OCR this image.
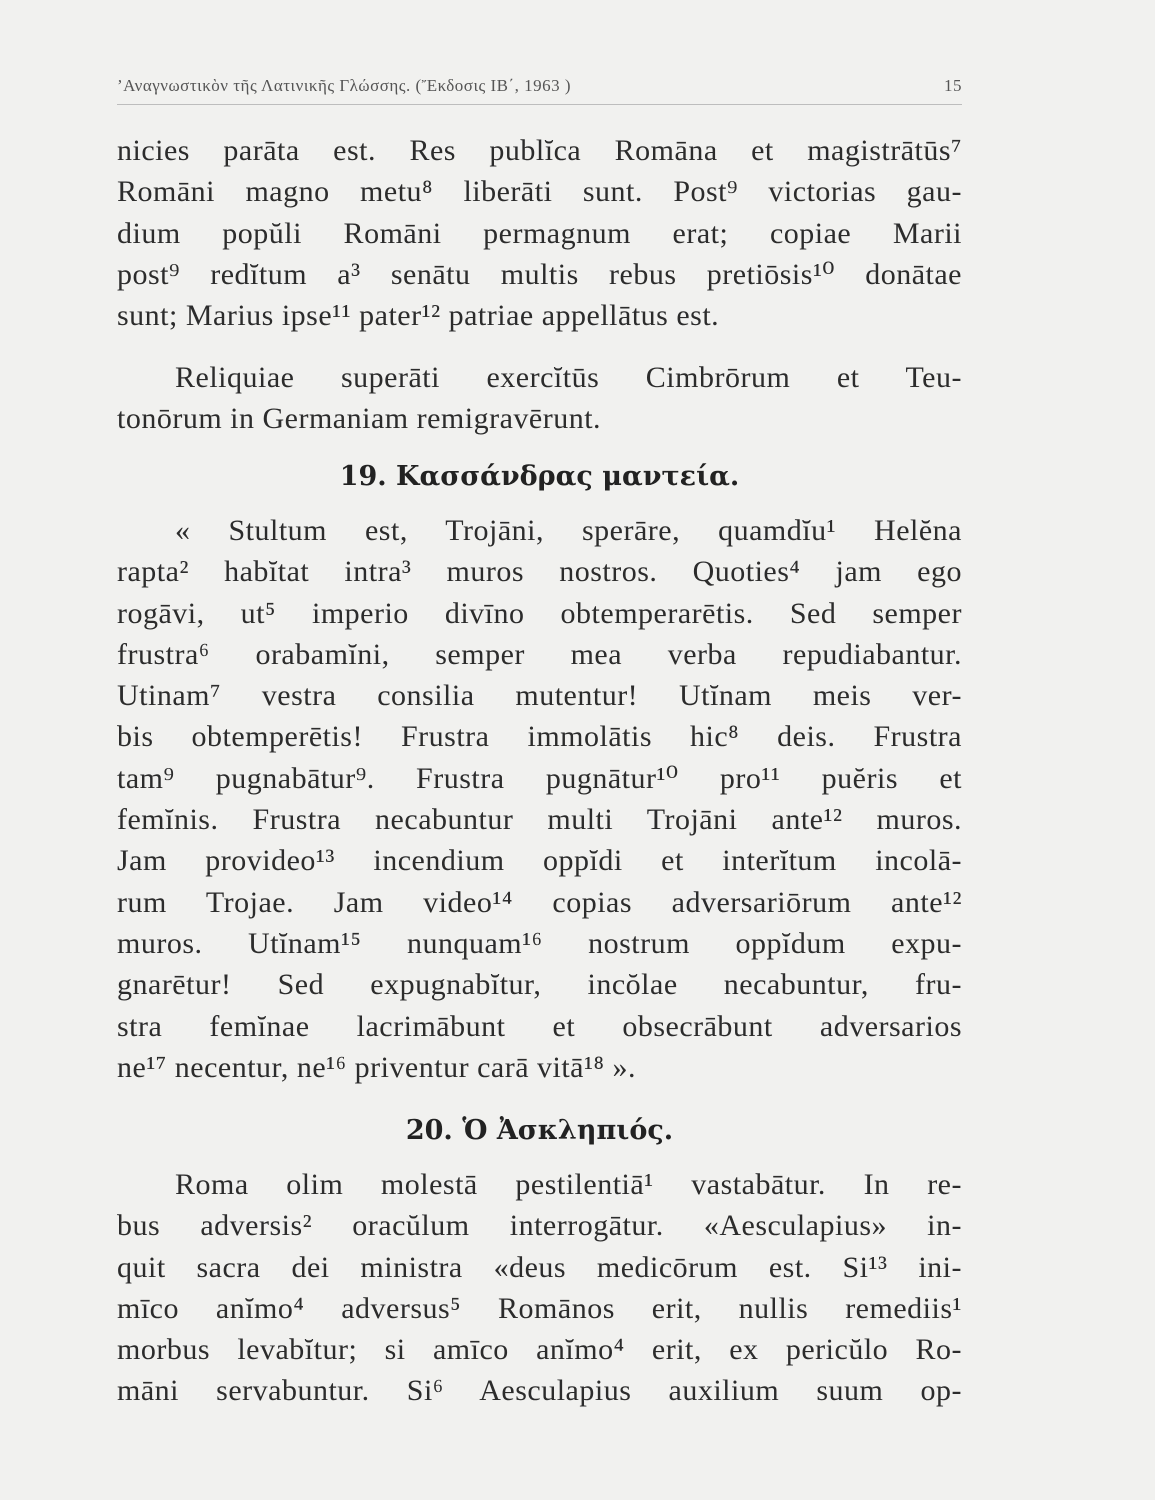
’Αναγνωστικὸν τῆς Λατινικῆς Γλώσσης. (Ἔκδοσις ΙΒ΄, 1963 )	15
nicies parāta est. Res publĭca Romāna et magistrātūs⁷
Romāni magno metu⁸ liberāti sunt. Post⁹ victorias gau-
dium popŭli Romāni permagnum erat; copiae Marii
post⁹ redĭtum a³ senātu multis rebus pretiōsis¹⁰ donātae
sunt; Marius ipse¹¹ pater¹² patriae appellātus est.
Reliquiae superāti exercĭtūs Cimbrōrum et Teu-
tonōrum in Germaniam remigravērunt.
19. Κασσάνδρας μαντεία.
« Stultum est, Trojāni, sperāre, quamdĭu¹ Helĕna
rapta² habĭtat intra³ muros nostros. Quoties⁴ jam ego
rogāvi, ut⁵ imperio divīno obtemperarētis. Sed semper
frustra⁶ orabamĭni, semper mea verba repudiabantur.
Utinam⁷ vestra consilia mutentur! Utĭnam meis ver-
bis obtemperētis! Frustra immolātis hic⁸ deis. Frustra
tam⁹ pugnabātur⁹. Frustra pugnātur¹⁰ pro¹¹ puĕris et
femĭnis. Frustra necabuntur multi Trojāni ante¹² muros.
Jam provideo¹³ incendium oppĭdi et interĭtum incolā-
rum Trojae. Jam video¹⁴ copias adversariōrum ante¹²
muros. Utĭnam¹⁵ nunquam¹⁶ nostrum oppĭdum expu-
gnarētur! Sed expugnabĭtur, incŏlae necabuntur, fru-
stra femĭnae lacrimābunt et obsecrābunt adversarios
ne¹⁷ necentur, ne¹⁶ priventur carā vitā¹⁸ ».
20. Ὁ Ἀσκληπιός.
Roma olim molestā pestilentiā¹ vastabātur. In re-
bus adversis² oracŭlum interrogātur. «Aesculapius» in-
quit sacra dei ministra «deus medicōrum est. Si¹³ ini-
mīco anĭmo⁴ adversus⁵ Romānos erit, nullis remediis¹
morbus levabĭtur; si amīco anĭmo⁴ erit, ex pericŭlo Ro-
māni servabuntur. Si⁶ Aesculapius auxilium suum op-
